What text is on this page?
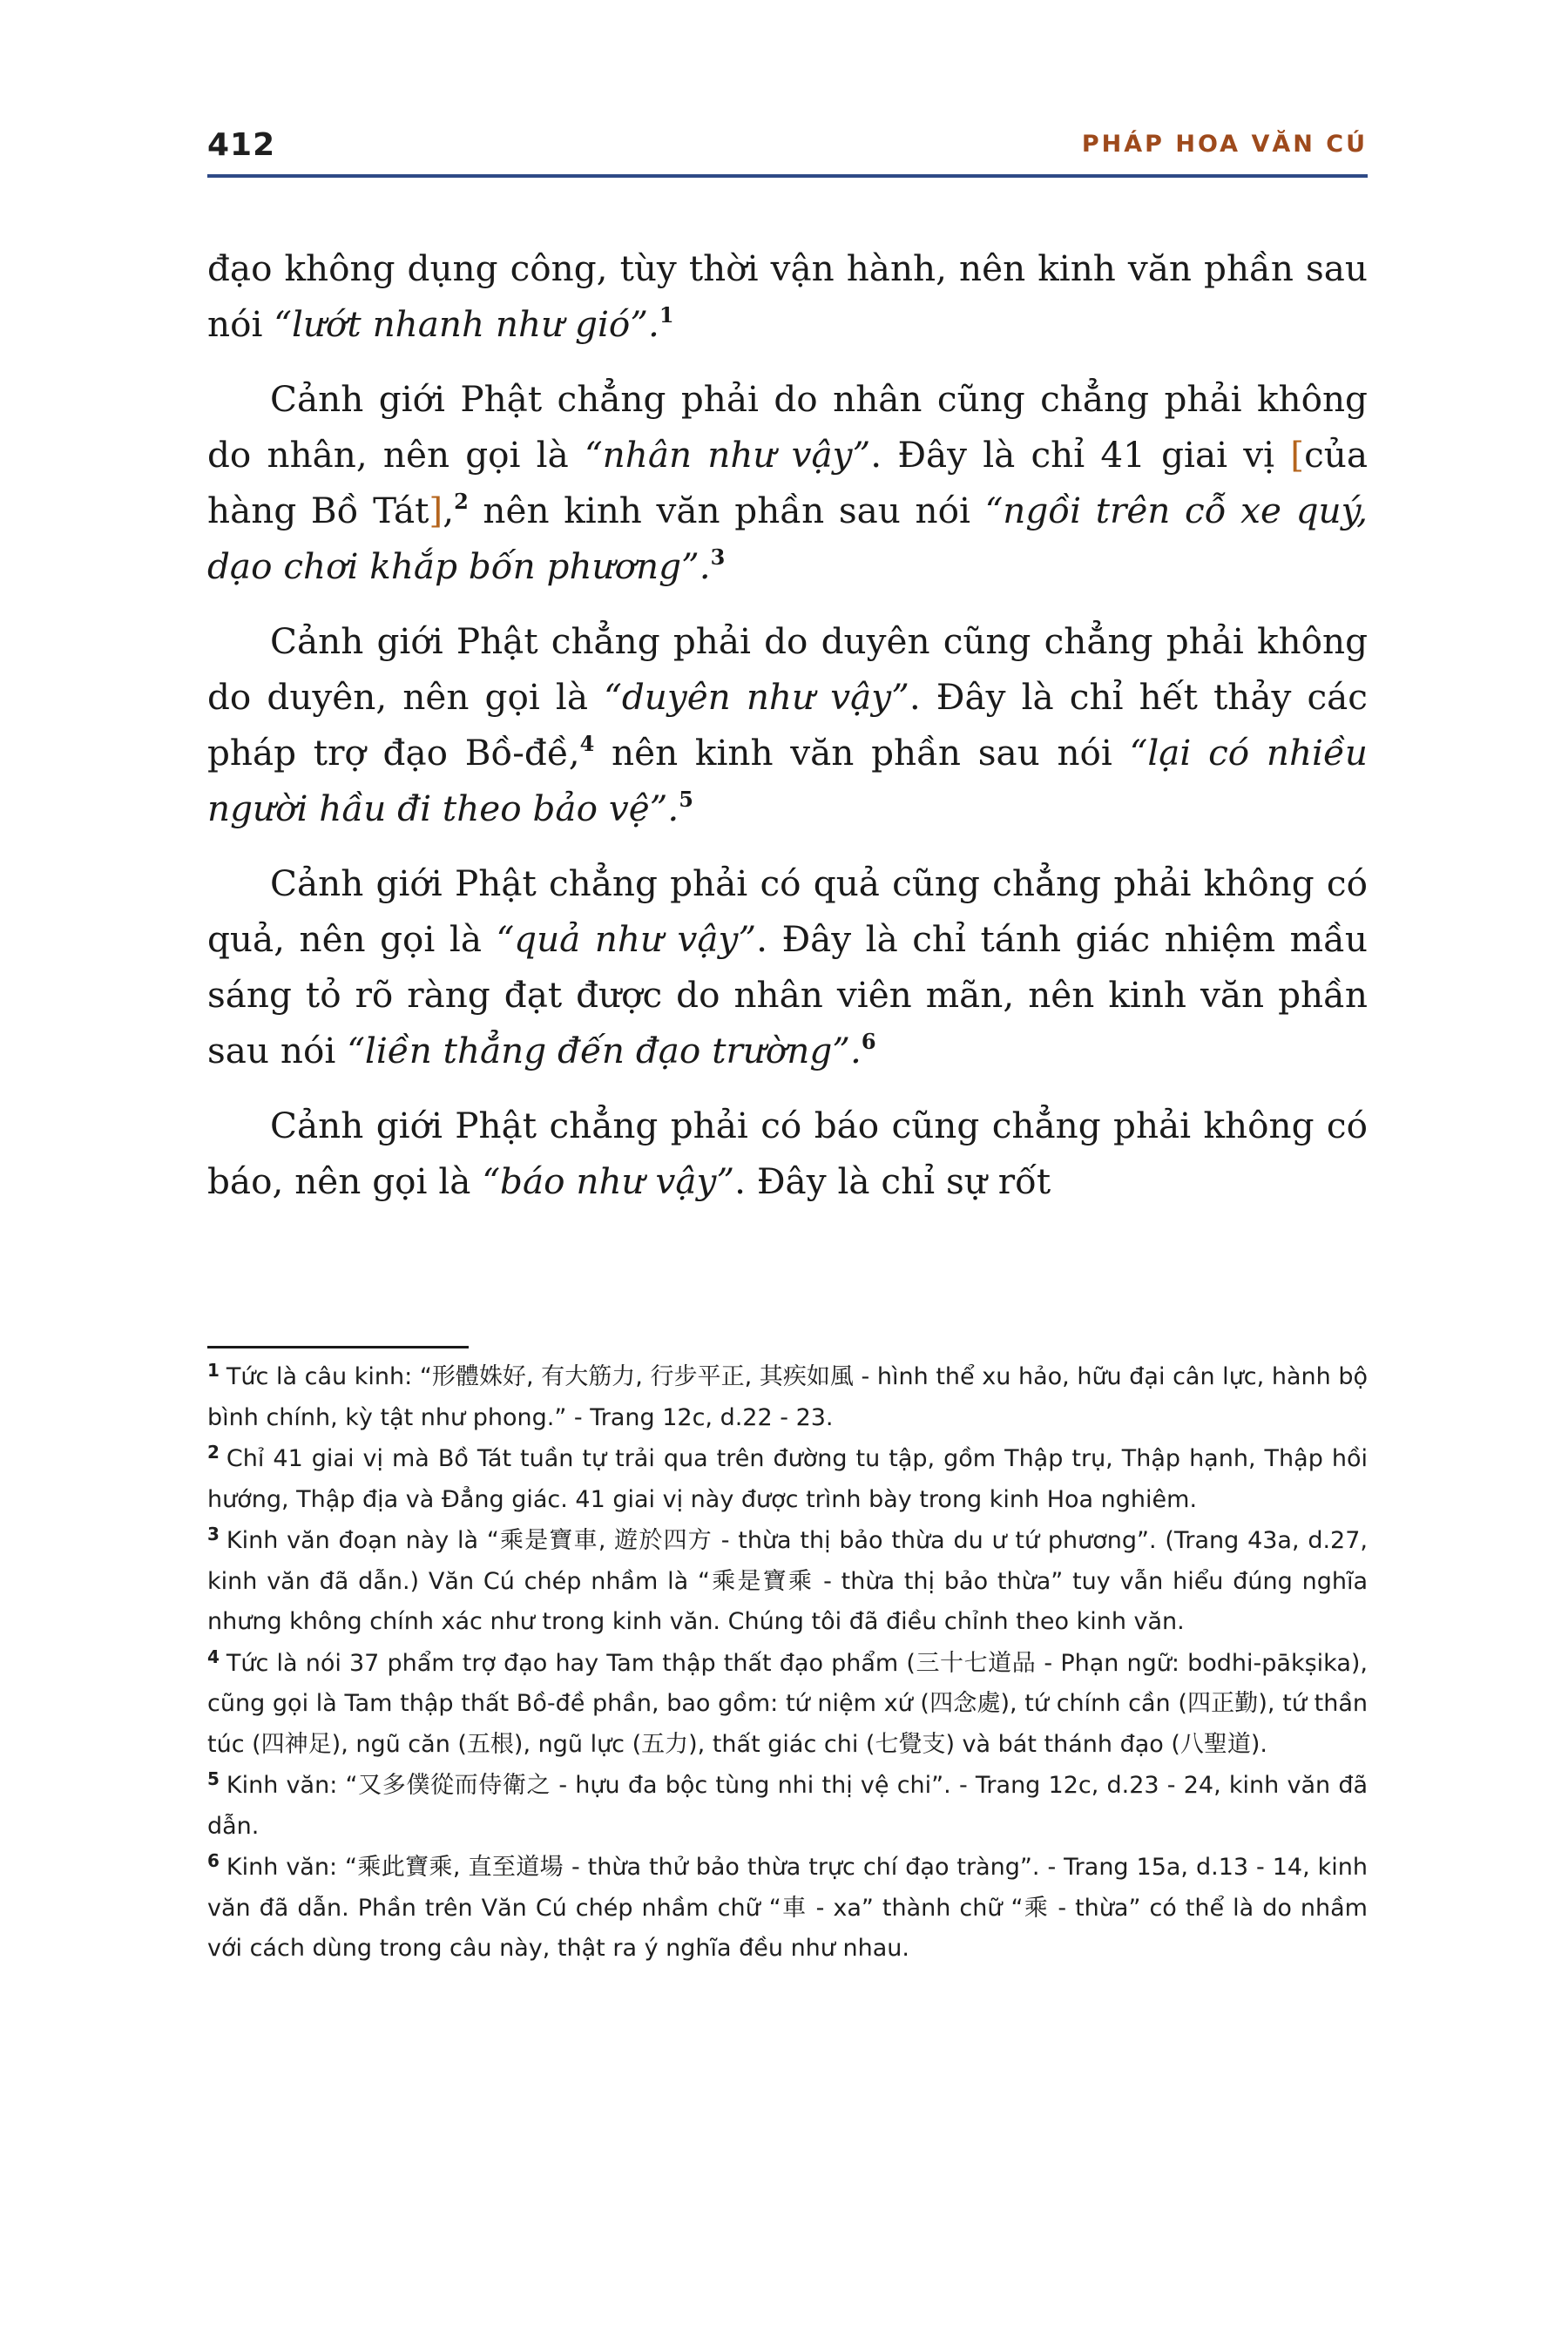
412	PHÁP HOA VĂN CÚ

đạo không dụng công, tùy thời vận hành, nên kinh văn phần sau nói “lướt nhanh như gió”.$^1$

Cảnh giới Phật chẳng phải do nhân cũng chẳng phải không do nhân, nên gọi là “nhân như vậy”. Đây là chỉ 41 giai vị [của hàng Bồ Tát],$^2$ nên kinh văn phần sau nói “ngồi trên cỗ xe quý, dạo chơi khắp bốn phương”.$^3$

Cảnh giới Phật chẳng phải do duyên cũng chẳng phải không do duyên, nên gọi là “duyên như vậy”. Đây là chỉ hết thảy các pháp trợ đạo Bồ-đề,$^4$ nên kinh văn phần sau nói “lại có nhiều người hầu đi theo bảo vệ”.$^5$

Cảnh giới Phật chẳng phải có quả cũng chẳng phải không có quả, nên gọi là “quả như vậy”. Đây là chỉ tánh giác nhiệm mầu sáng tỏ rõ ràng đạt được do nhân viên mãn, nên kinh văn phần sau nói “liền thẳng đến đạo trường”.$^6$

Cảnh giới Phật chẳng phải có báo cũng chẳng phải không có báo, nên gọi là “báo như vậy”. Đây là chỉ sự rốt

$^1$ Tức là câu kinh: “形體姝好, 有大筋力, 行步平正, 其疾如風 - hình thể xu hảo, hữu đại cân lực, hành bộ bình chính, kỳ tật như phong.” - Trang 12c, d.22 - 23.

$^2$ Chỉ 41 giai vị mà Bồ Tát tuần tự trải qua trên đường tu tập, gồm Thập trụ, Thập hạnh, Thập hồi hướng, Thập địa và Đẳng giác. 41 giai vị này được trình bày trong kinh Hoa nghiêm.

$^3$ Kinh văn đoạn này là “乘是寶車, 遊於四方 - thừa thị bảo thừa du ư tứ phương”. (Trang 43a, d.27, kinh văn đã dẫn.) Văn Cú chép nhầm là “乘是寶乘 - thừa thị bảo thừa” tuy vẫn hiểu đúng nghĩa nhưng không chính xác như trong kinh văn. Chúng tôi đã điều chỉnh theo kinh văn.

$^4$ Tức là nói 37 phẩm trợ đạo hay Tam thập thất đạo phẩm (三十七道品 - Phạn ngữ: bodhi-pākṣika), cũng gọi là Tam thập thất Bồ-đề phần, bao gồm: tứ niệm xứ (四念處), tứ chính cần (四正勤), tứ thần túc (四神足), ngũ căn (五根), ngũ lực (五力), thất giác chi (七覺支) và bát thánh đạo (八聖道).

$^5$ Kinh văn: “又多僕從而侍衛之 - hựu đa bộc tùng nhi thị vệ chi”. - Trang 12c, d.23 - 24, kinh văn đã dẫn.

$^6$ Kinh văn: “乘此寶乘, 直至道場 - thừa thử bảo thừa trực chí đạo tràng”. - Trang 15a, d.13 - 14, kinh văn đã dẫn. Phần trên Văn Cú chép nhầm chữ “車 - xa” thành chữ “乘 - thừa” có thể là do nhầm với cách dùng trong câu này, thật ra ý nghĩa đều như nhau.
